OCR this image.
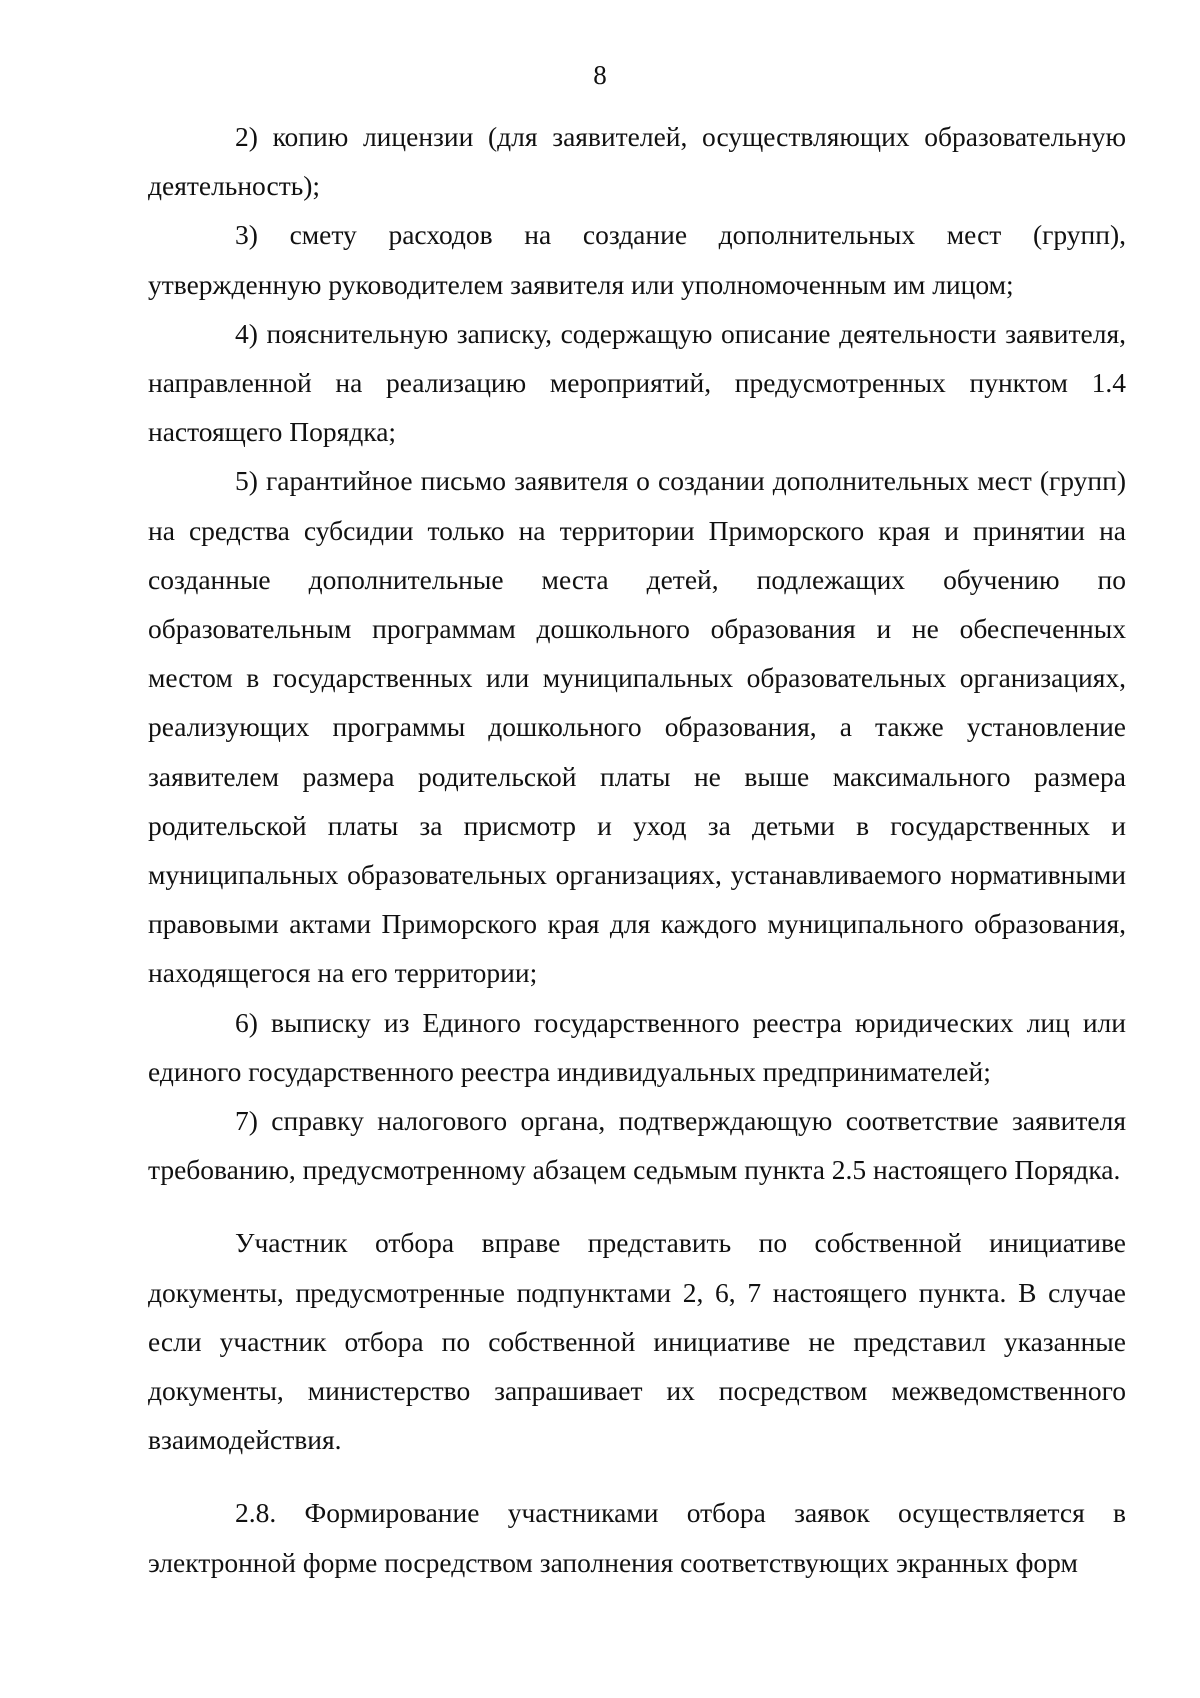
8

2) копию лицензии (для заявителей, осуществляющих образовательную деятельность);

3) смету расходов на создание дополнительных мест (групп), утвержденную руководителем заявителя или уполномоченным им лицом;

4) пояснительную записку, содержащую описание деятельности заявителя, направленной на реализацию мероприятий, предусмотренных пунктом 1.4 настоящего Порядка;

5) гарантийное письмо заявителя о создании дополнительных мест (групп) на средства субсидии только на территории Приморского края и принятии на созданные дополнительные места детей, подлежащих обучению по образовательным программам дошкольного образования и не обеспеченных местом в государственных или муниципальных образовательных организациях, реализующих программы дошкольного образования, а также установление заявителем размера родительской платы не выше максимального размера родительской платы за присмотр и уход за детьми в государственных и муниципальных образовательных организациях, устанавливаемого нормативными правовыми актами Приморского края для каждого муниципального образования, находящегося на его территории;

6) выписку из Единого государственного реестра юридических лиц или единого государственного реестра индивидуальных предпринимателей;

7) справку налогового органа, подтверждающую соответствие заявителя требованию, предусмотренному абзацем седьмым пункта 2.5 настоящего Порядка.

Участник отбора вправе представить по собственной инициативе документы, предусмотренные подпунктами 2, 6, 7 настоящего пункта. В случае если участник отбора по собственной инициативе не представил указанные документы, министерство запрашивает их посредством межведомственного взаимодействия.

2.8. Формирование участниками отбора заявок осуществляется в электронной форме посредством заполнения соответствующих экранных форм
